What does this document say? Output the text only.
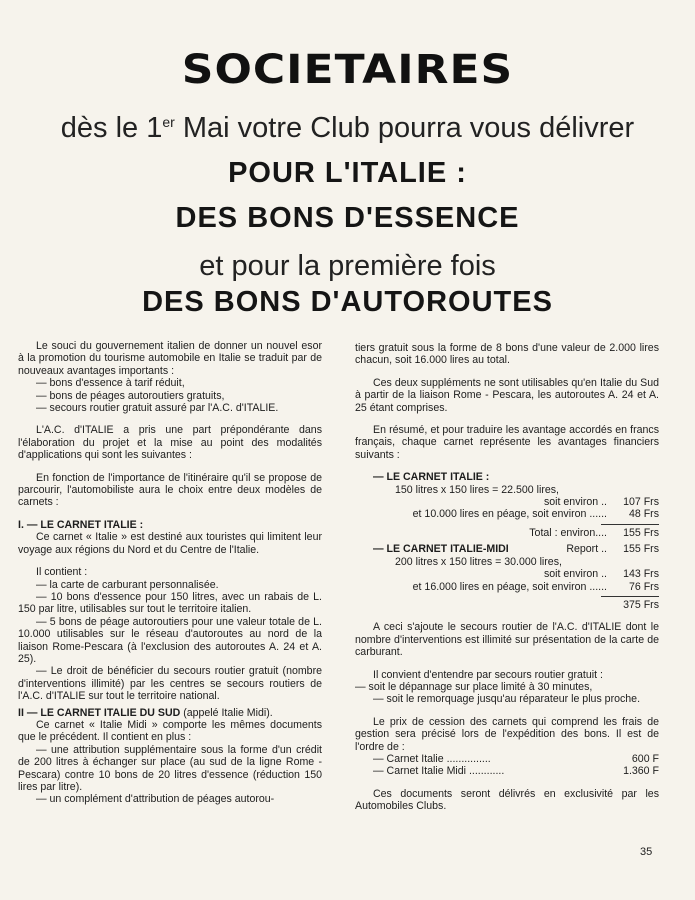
SOCIETAIRES
dès le 1er Mai votre Club pourra vous délivrer
POUR L'ITALIE :
DES BONS D'ESSENCE
et pour la première fois
DES BONS D'AUTOROUTES

Le souci du gouvernement italien de donner un nouvel esor à la promotion du tourisme automobile en Italie se traduit par de nouveaux avantages importants :

— bons d'essence à tarif réduit,

— bons de péages autoroutiers gratuits,

— secours routier gratuit assuré par l'A.C. d'ITALIE.

L'A.C. d'ITALIE a pris une part prépondérante dans l'élaboration du projet et la mise au point des modalités d'applications qui sont les suivantes :

En fonction de l'importance de l'itinéraire qu'il se propose de parcourir, l'automobiliste aura le choix entre deux modèles de carnets :

I. — LE CARNET ITALIE :

Ce carnet « Italie » est destiné aux touristes qui limitent leur voyage aux régions du Nord et du Centre de l'Italie.

Il contient :

— la carte de carburant personnalisée.

— 10 bons d'essence pour 150 litres, avec un rabais de L. 150 par litre, utilisables sur tout le territoire italien.

— 5 bons de péage autoroutiers pour une valeur totale de L. 10.000 utilisables sur le réseau d'autoroutes au nord de la liaison Rome-Pescara (à l'exclusion des autoroutes A. 24 et A. 25).

— Le droit de bénéficier du secours routier gratuit (nombre d'interventions illimité) par les centres se secours routiers de l'A.C. d'ITALIE sur tout le territoire national.

II — LE CARNET ITALIE DU SUD (appelé Italie Midi).

Ce carnet « Italie Midi » comporte les mêmes documents que le précédent. Il contient en plus :

— une attribution supplémentaire sous la forme d'un crédit de 200 litres à échanger sur place (au sud de la ligne Rome - Pescara) contre 10 bons de 20 litres d'essence (réduction 150 lires par litre).

— un complément d'attribution de péages autorou-

tiers gratuit sous la forme de 8 bons d'une valeur de 2.000 lires chacun, soit 16.000 lires au total.

Ces deux suppléments ne sont utilisables qu'en Italie du Sud à partir de la liaison Rome - Pescara, les autoroutes A. 24 et A. 25 étant comprises.

En résumé, et pour traduire les avantage accordés en francs français, chaque carnet représente les avantages financiers suivants :

— LE CARNET ITALIE :

150 litres x 150 lires = 22.500 lires,
soit environ ..	107 Frs
et 10.000 lires en péage, soit environ ......	48 Frs
Total : environ....	155 Frs
— LE CARNET ITALIE-MIDI	Report ..	155 Frs
200 litres x 150 litres = 30.000 lires,
soit environ ..	143 Frs
et 16.000 lires en péage, soit environ ......	76 Frs
375 Frs

A ceci s'ajoute le secours routier de l'A.C. d'ITALIE dont le nombre d'interventions est illimité sur présentation de la carte de carburant.

Il convient d'entendre par secours routier gratuit :

— soit le dépannage sur place limité à 30 minutes,

— soit le remorquage jusqu'au réparateur le plus proche.

Le prix de cession des carnets qui comprend les frais de gestion sera précisé lors de l'expédition des bons. Il est de l'ordre de :

— Carnet Italie ...............	600 F
— Carnet Italie Midi ............	1.360 F

Ces documents seront délivrés en exclusivité par les Automobiles Clubs.

35
